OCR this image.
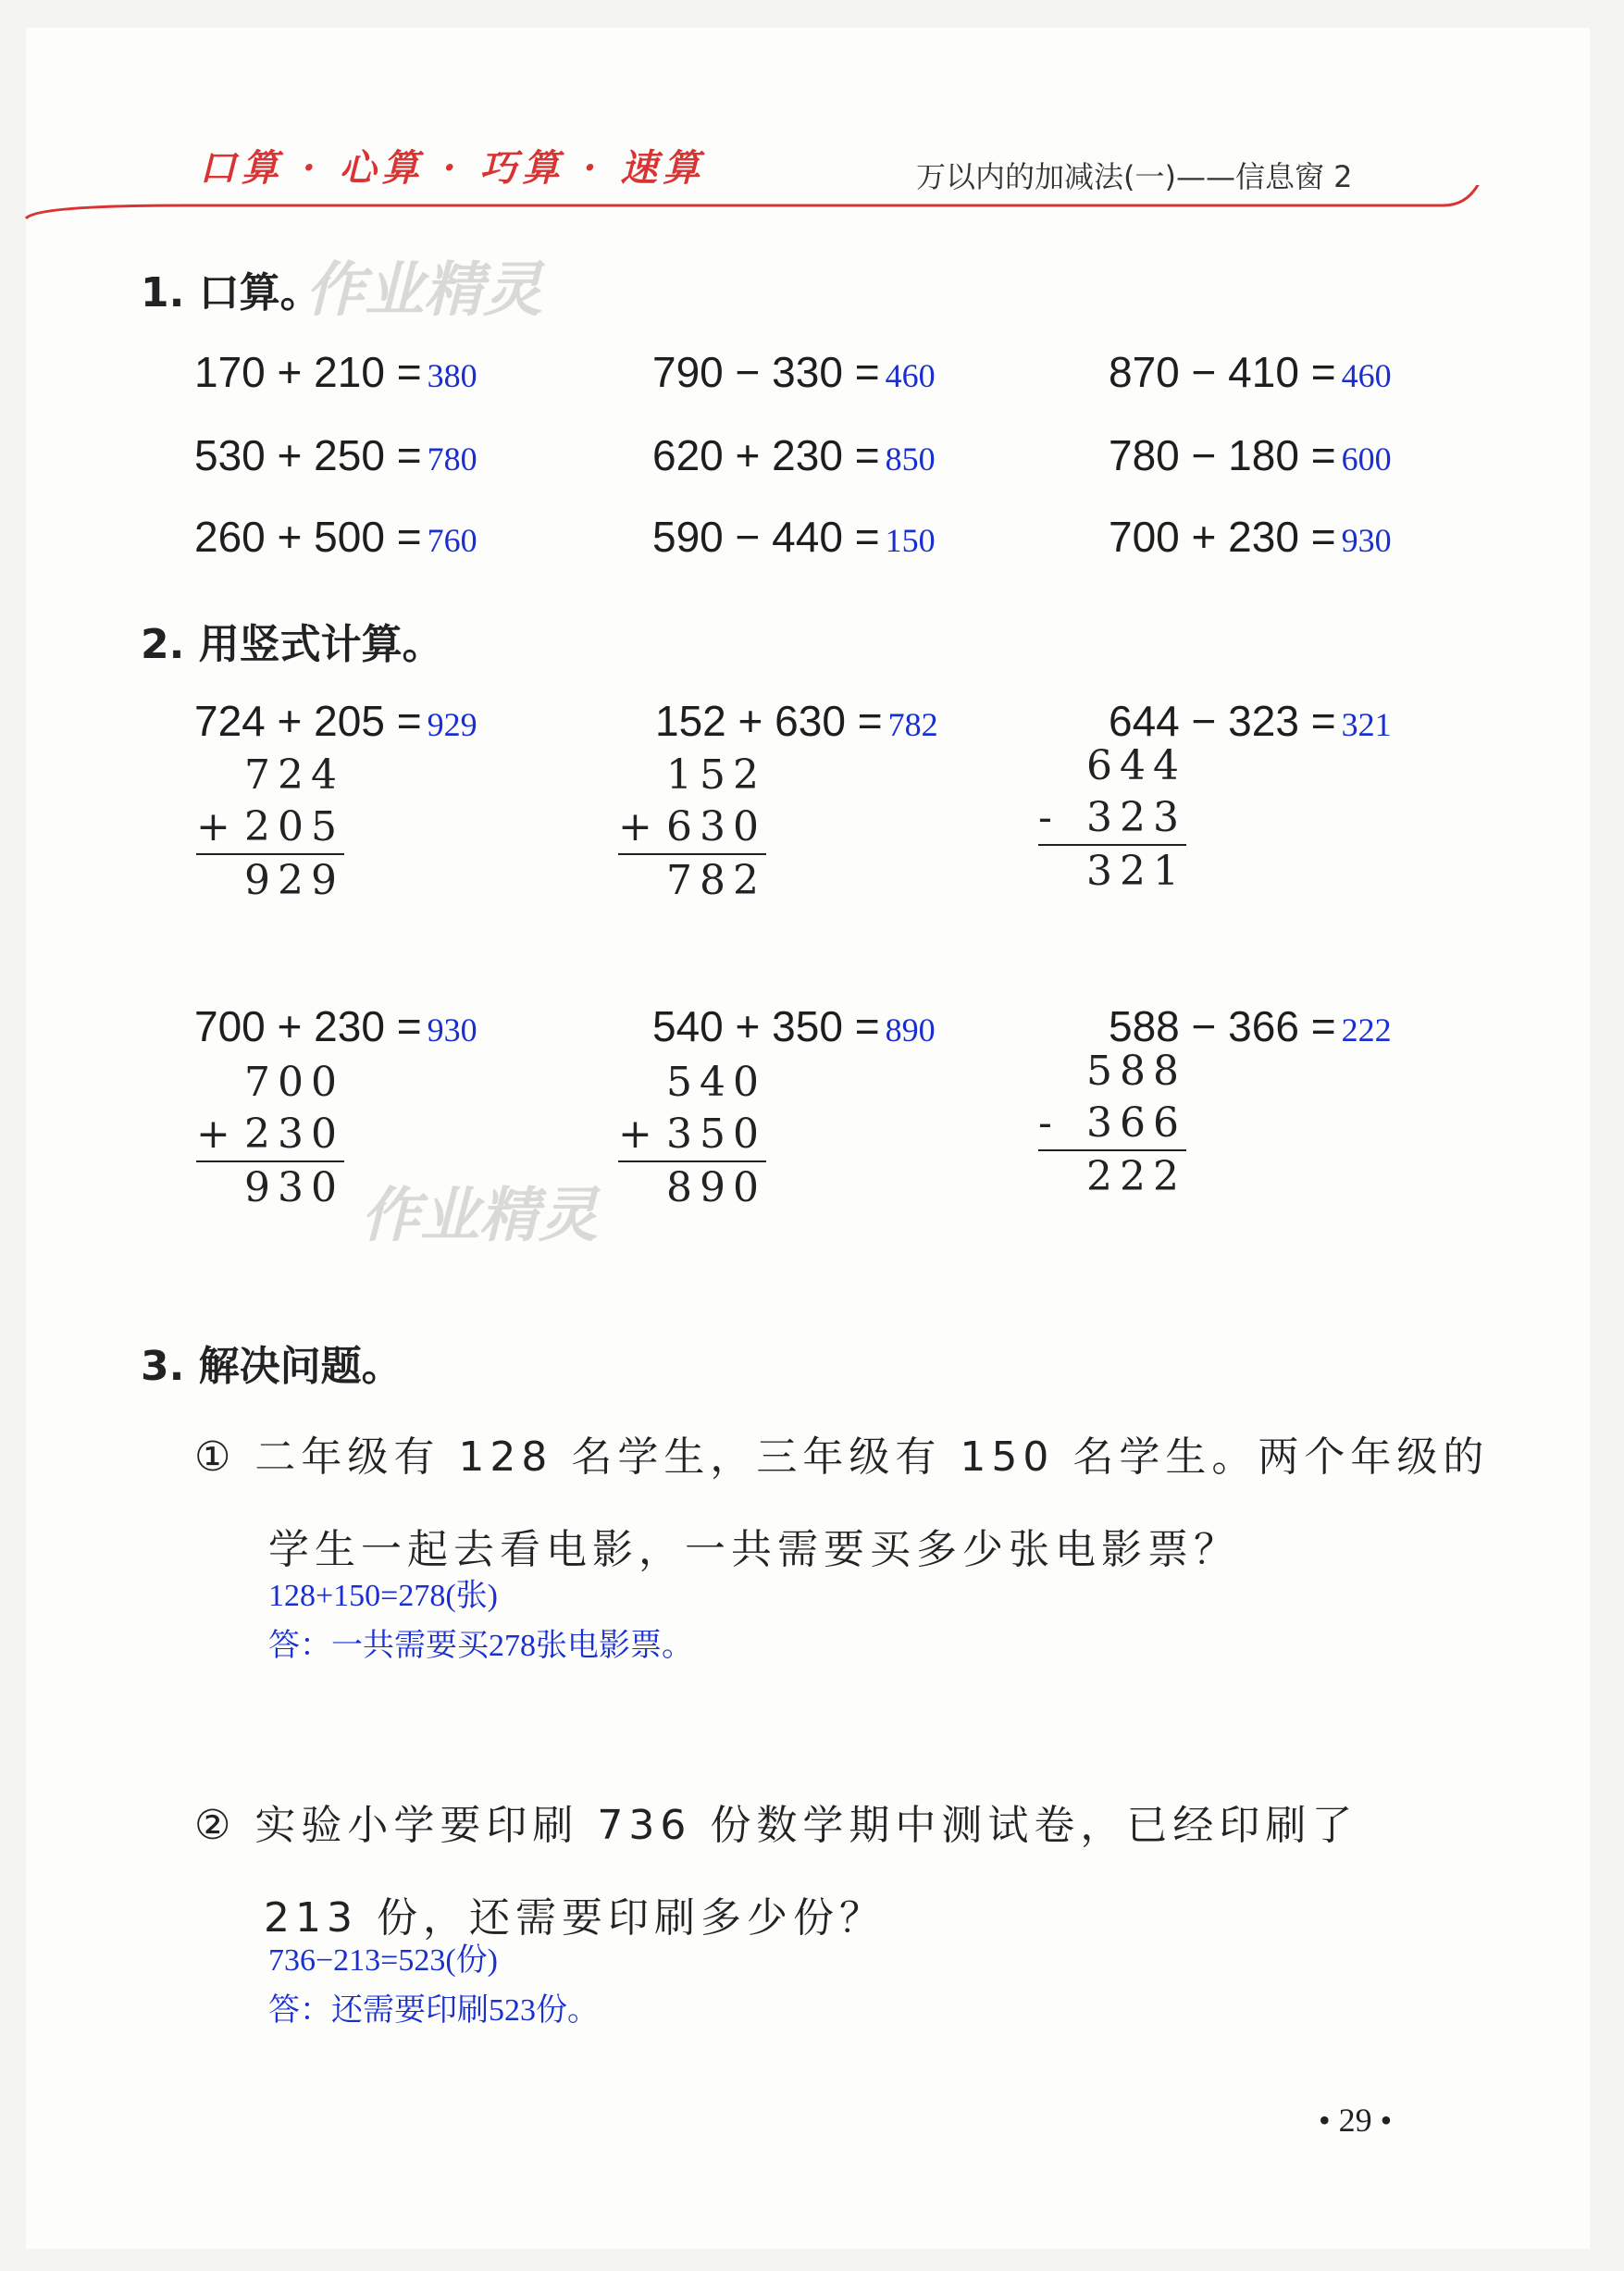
口算 · 心算 · 巧算 · 速算	万以内的加减法(一)——信息窗 2
作业精灵
作业精灵
1. 口算。
170 + 210 = 380	790 − 330 = 460	870 − 410 = 460
530 + 250 = 780	620 + 230 = 850	780 − 180 = 600
260 + 500 = 760	590 − 440 = 150	700 + 230 = 930
2. 用竖式计算。
724 + 205 = 929
724
+ 205
929
152 + 630 = 782
152
+ 630
782
644 − 323 = 321
644
- 323
321
700 + 230 = 930
700
+ 230
930
540 + 350 = 890
540
+ 350
890
588 − 366 = 222
588
- 366
222
3. 解决问题。
① 二年级有 128 名学生，三年级有 150 名学生。两个年级的
学生一起去看电影，一共需要买多少张电影票？
128+150=278(张)
答：一共需要买278张电影票。
② 实验小学要印刷 736 份数学期中测试卷，已经印刷了
213 份，还需要印刷多少份？
736−213=523(份)
答：还需要印刷523份。
• 29 •
